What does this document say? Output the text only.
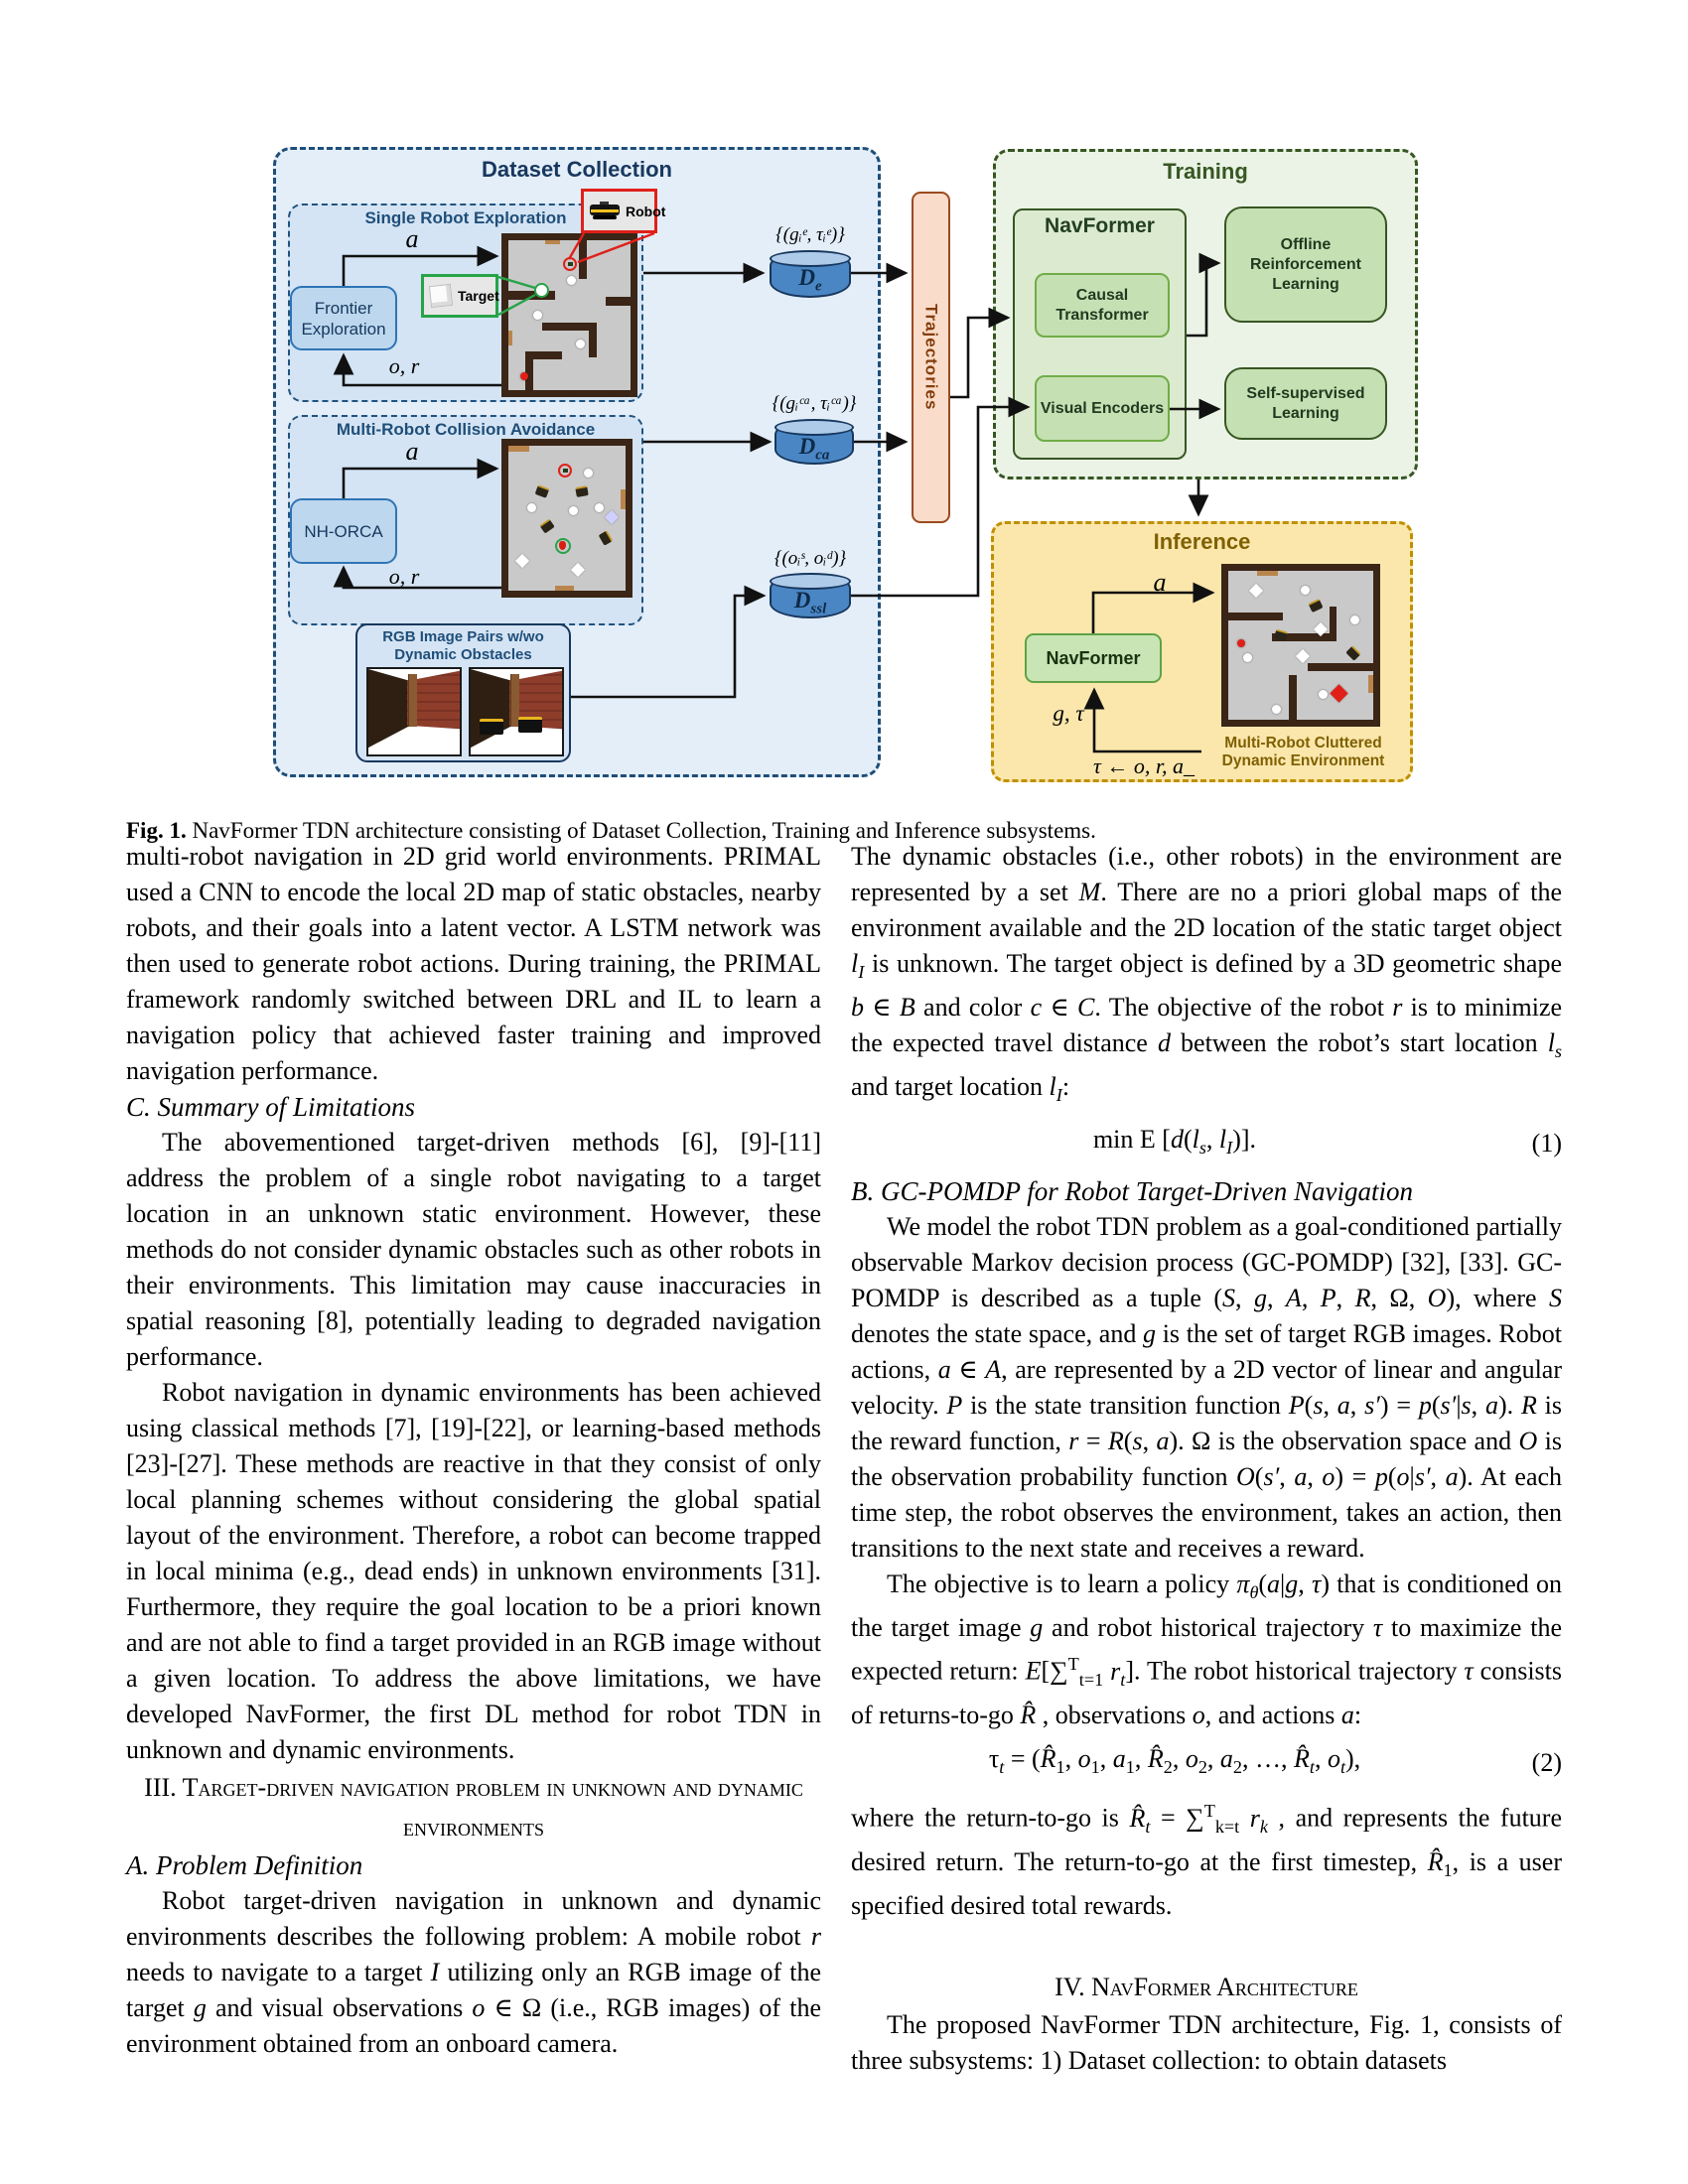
Dataset Collection
Single Robot Exploration
Frontier Exploration
a
o, r
Robot
Target
{(gᵢᵉ, τᵢᵉ)}
$D_e$
Multi-Robot Collision Avoidance
NH-ORCA
a
o, r
{(gᵢᶜᵃ, τᵢᶜᵃ)}
$D_{ca}$
RGB Image Pairs w/wo Dynamic Obstacles
{(oᵢˢ, oᵢᵈ)}
$D_{ssl}$
Trajectories
Training
NavFormer
Causal Transformer
Visual Encoders
Offline Reinforcement Learning
Self-supervised Learning
Inference
NavFormer
a
g, τ
τ ← o, r, a_
Multi-Robot Cluttered Dynamic Environment

Fig. 1. NavFormer TDN architecture consisting of Dataset Collection, Training and Inference subsystems.

multi-robot navigation in 2D grid world environments. PRIMAL used a CNN to encode the local 2D map of static obstacles, nearby robots, and their goals into a latent vector. A LSTM network was then used to generate robot actions. During training, the PRIMAL framework randomly switched between DRL and IL to learn a navigation policy that achieved faster training and improved navigation performance.

C. Summary of Limitations

The abovementioned target-driven methods [6], [9]-[11] address the problem of a single robot navigating to a target location in an unknown static environment. However, these methods do not consider dynamic obstacles such as other robots in their environments. This limitation may cause inaccuracies in spatial reasoning [8], potentially leading to degraded navigation performance.

Robot navigation in dynamic environments has been achieved using classical methods [7], [19]-[22], or learning-based methods [23]-[27]. These methods are reactive in that they consist of only local planning schemes without considering the global spatial layout of the environment. Therefore, a robot can become trapped in local minima (e.g., dead ends) in unknown environments [31]. Furthermore, they require the goal location to be a priori known and are not able to find a target provided in an RGB image without a given location. To address the above limitations, we have developed NavFormer, the first DL method for robot TDN in unknown and dynamic environments.

III. Target-driven navigation problem in unknown and dynamic environments

A. Problem Definition

Robot target-driven navigation in unknown and dynamic environments describes the following problem: A mobile robot r needs to navigate to a target I utilizing only an RGB image of the target g and visual observations o ∈ Ω (i.e., RGB images) of the environment obtained from an onboard camera.

The dynamic obstacles (i.e., other robots) in the environment are represented by a set M. There are no a priori global maps of the environment available and the 2D location of the static target object $l_I$ is unknown. The target object is defined by a 3D geometric shape b ∈ B and color c ∈ C. The objective of the robot r is to minimize the expected travel distance d between the robot’s start location $l_s$ and target location $l_I$:

min E [$d(l_s$, $l_I$)].	(1)

B. GC-POMDP for Robot Target-Driven Navigation

We model the robot TDN problem as a goal-conditioned partially observable Markov decision process (GC-POMDP) [32], [33]. GC-POMDP is described as a tuple (S, g, A, P, R, Ω, O), where S denotes the state space, and g is the set of target RGB images. Robot actions, a ∈ A, are represented by a 2D vector of linear and angular velocity. P is the state transition function P(s, a, s′) = p(s′|s, a). R is the reward function, r = R(s, a). Ω is the observation space and O is the observation probability function O(s′, a, o) = p(o|s′, a). At each time step, the robot observes the environment, takes an action, then transitions to the next state and receives a reward.

The objective is to learn a policy $\pi_\theta(a|g$, τ) that is conditioned on the target image g and robot historical trajectory τ to maximize the expected return: E[∑$^T_{t=1}$ $r_t$]. The robot historical trajectory τ consists of returns-to-go R̂ , observations o, and actions a:

$\tau_t$ = ($R̂_1$, $o_1$, $a_1$, $R̂_2$, $o_2$, $a_2$, …, $R̂_t$, $o_t$),	(2)

where the return-to-go is $R̂_t = \sum^T_{k=t}$ $r_k$ , and represents the future desired return. The return-to-go at the first timestep, $R̂_1$, is a user specified desired total rewards.

IV. NavFormer Architecture

The proposed NavFormer TDN architecture, Fig. 1, consists of three subsystems: 1) Dataset collection: to obtain datasets
